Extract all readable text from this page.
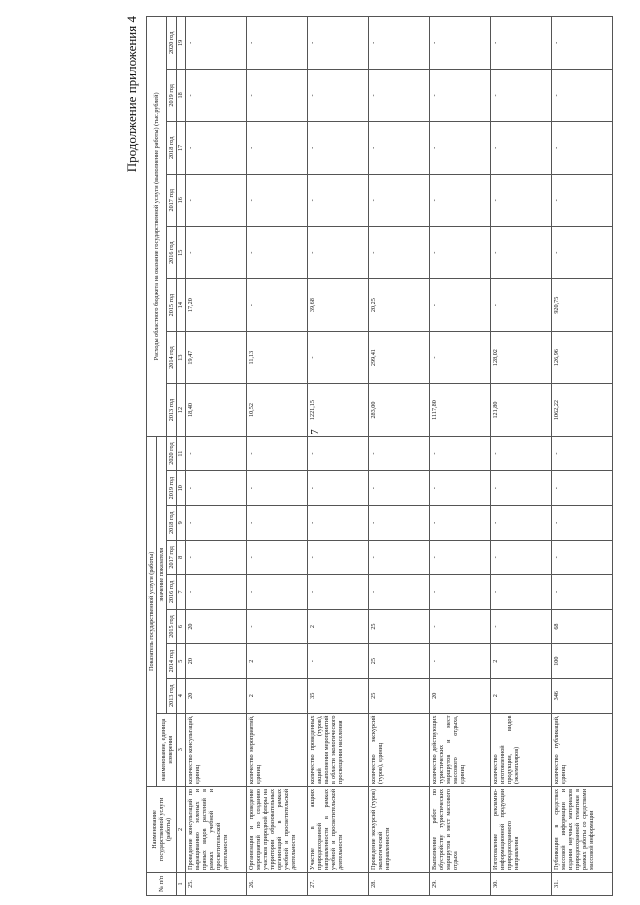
7
Продолжение приложения 4
№ п/п	Наименование государственной услуги (работы)	Показатель государственной услуги (работы)									Расходы областного бюджета на оказание государственной услуги (выполнение работы) (тыс.рублей)							
		наименование, единица измерения	значение показателя															
			2013 год	2014 год	2015 год	2016 год	2017 год	2018 год	2019 год	2020 год	2013 год	2014 год	2015 год	2016 год	2017 год	2018 год	2019 год	2020 год
1	2	3	4	5	6	7	8	9	10	11	12	13	14	15	16	17	18	19
25.	Проведение консультаций по выращиванию зеленых и пряных видов растений в рамках учебной и просветительской деятельности	количество консультаций, единиц	20	20	20	-	-	-	-	-	18,40	19,47	17,20	-	-	-	-	-
26.	Организация и проведение мероприятий по созданию участков природной флоры на территории образовательных организаций в рамках учебной и просветительской деятельности	количество мероприятий, единиц	2	2	-	-	-	-	-	-	10,52	11,13	-	-	-	-	-	-
27.	Участие в акциях природоохранной направленности в рамках учебной и просветительской деятельности	количество проведенных акций (туров), выполнения мероприятий в области экологического просвещения населения	35	-	2	-	-	-	-	-	1221,15	-	39,68	-	-	-	-	-
28.	Проведение экскурсий (туров) экологической направленности	количество экскурсий (туров), единиц	25	25	25	-	-	-	-	-	283,00	299,41	20,25	-	-	-	-	-
29.	Выполнение работ по обустройству туристических маршрутов и мест массового отдыха	количество действующих туристических маршрутов и мест массового отдыха, единиц	20	-	-	-	-	-	-	-	1117,80	-	-	-	-	-	-	-
30.	Изготовление рекламно-информационной продукции природоохранного направления	количество изготовленной продукции, видов (экземпляров)	2	2	-	-	-	-	-	-	121,80	128,02	-	-	-	-	-	-
31.	Публикации в средствах массовой информации и издания научных материалов природоохранной тематики в рамках работы со средствами массовой информации	количество публикаций, единиц	346	100	68	-	-	-	-	-	1062,22	126,96	920,75	-	-	-	-	-
